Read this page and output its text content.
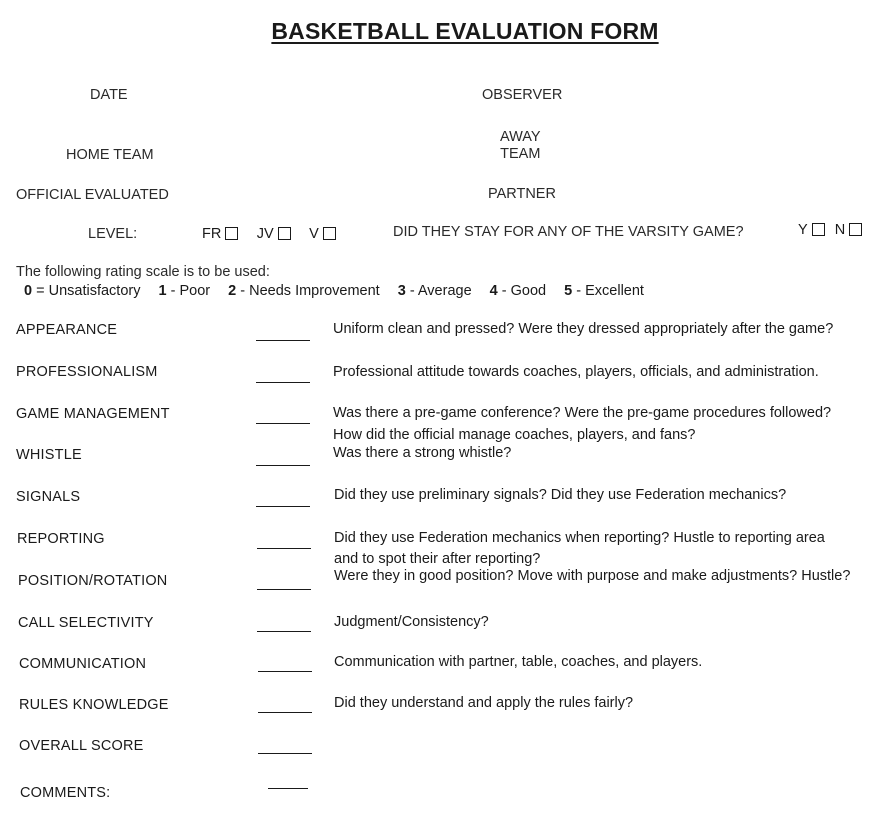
BASKETBALL EVALUATION FORM
DATE	OBSERVER
HOME TEAM
AWAY
TEAM
OFFICIAL EVALUATED	PARTNER
LEVEL:	FR JV V	DID THEY STAY FOR ANY OF THE VARSITY GAME?	Y N
The following rating scale is to be used:
0 = Unsatisfactory 1 - Poor 2 - Needs Improvement 3 - Average 4 - Good 5 - Excellent
APPEARANCE	Uniform clean and pressed? Were they dressed appropriately after the game?
PROFESSIONALISM	Professional attitude towards coaches, players, officials, and administration.
GAME MANAGEMENT	Was there a pre-game conference? Were the pre-game procedures followed?
How did the official manage coaches, players, and fans?
WHISTLE	Was there a strong whistle?
SIGNALS	Did they use preliminary signals? Did they use Federation mechanics?
REPORTING	Did they use Federation mechanics when reporting? Hustle to reporting area
and to spot their after reporting?
POSITION/ROTATION	Were they in good position? Move with purpose and make adjustments? Hustle?
CALL SELECTIVITY	Judgment/Consistency?
COMMUNICATION	Communication with partner, table, coaches, and players.
RULES KNOWLEDGE	Did they understand and apply the rules fairly?
OVERALL SCORE
COMMENTS:
